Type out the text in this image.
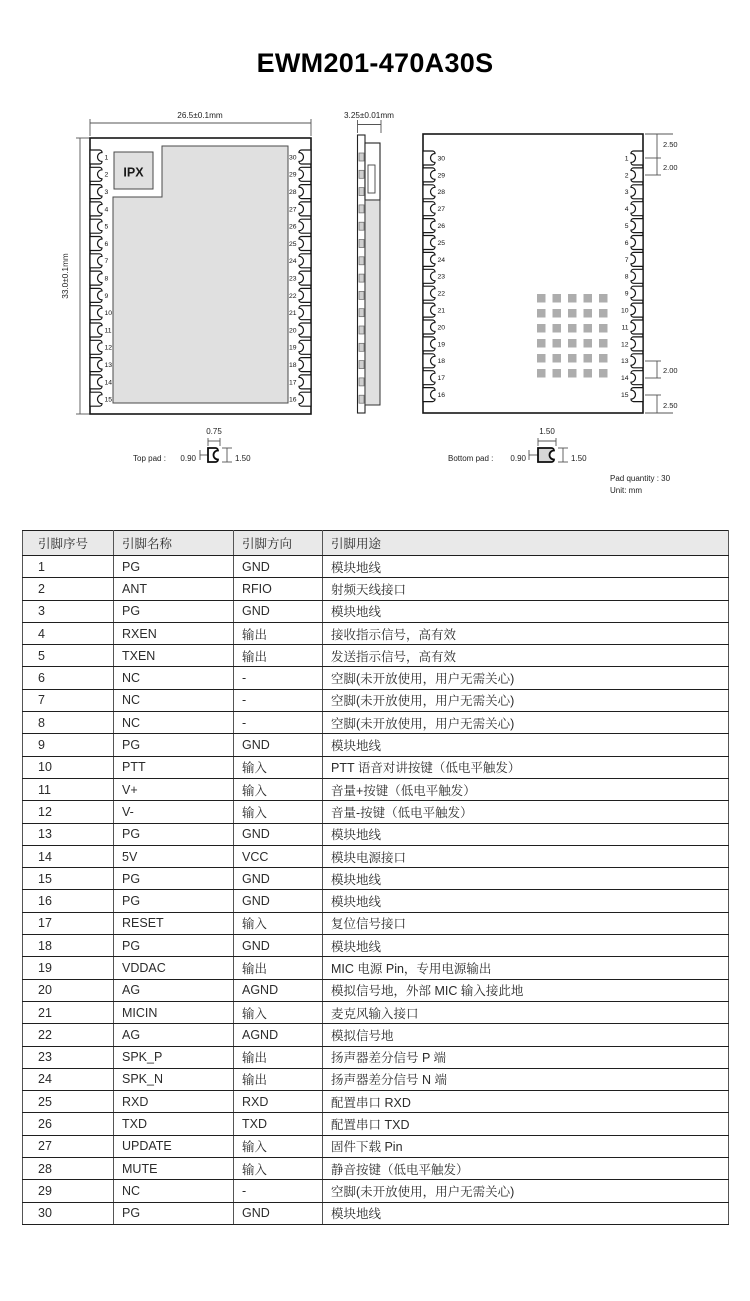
EWM201-470A30S
26.5±0.1mm
33.0±0.1mm
IPX
1
2
3
4
5
6
7
8
9
10
11
12
13
14
15
30
29
28
27
26
25
24
23
22
21
20
19
18
17
16
3.25±0.01mm
30
29
28
27
26
25
24
23
22
21
20
19
18
17
16
1
2
3
4
5
6
7
8
9
10
11
12
13
14
15
2.50
2.00
2.00
2.50
Top pad : 0.90
0.75
1.50	Bottom pad : 0.90
1.50
1.50
Pad quantity : 30
Unit: mm
引脚序号	引脚名称	引脚方向	引脚用途
1	PG	GND	模块地线
2	ANT	RFIO	射频天线接口
3	PG	GND	模块地线
4	RXEN	输出	接收指示信号，高有效
5	TXEN	输出	发送指示信号，高有效
6	NC	-	空脚(未开放使用，用户无需关心)
7	NC	-	空脚(未开放使用，用户无需关心)
8	NC	-	空脚(未开放使用，用户无需关心)
9	PG	GND	模块地线
10	PTT	输入	PTT 语音对讲按键（低电平触发）
11	V+	输入	音量+按键（低电平触发）
12	V-	输入	音量-按键（低电平触发）
13	PG	GND	模块地线
14	5V	VCC	模块电源接口
15	PG	GND	模块地线
16	PG	GND	模块地线
17	RESET	输入	复位信号接口
18	PG	GND	模块地线
19	VDDAC	输出	MIC 电源 Pin，专用电源输出
20	AG	AGND	模拟信号地，外部 MIC 输入接此地
21	MICIN	输入	麦克风输入接口
22	AG	AGND	模拟信号地
23	SPK_P	输出	扬声器差分信号 P 端
24	SPK_N	输出	扬声器差分信号 N 端
25	RXD	RXD	配置串口 RXD
26	TXD	TXD	配置串口 TXD
27	UPDATE	输入	固件下载 Pin
28	MUTE	输入	静音按键（低电平触发）
29	NC	-	空脚(未开放使用，用户无需关心)
30	PG	GND	模块地线
